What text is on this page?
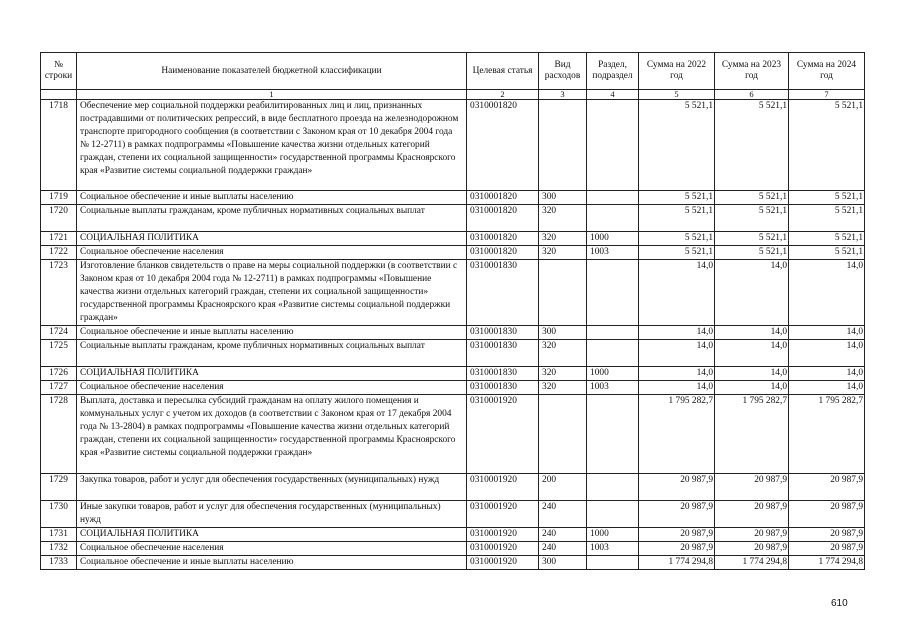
№ строки	Наименование показателей бюджетной классификации	Целевая статья	Вид расходов	Раздел, подраздел	Сумма на 2022 год	Сумма на 2023 год	Сумма на 2024 год
	1	2	3	4	5	6	7
1718	Обеспечение мер социальной поддержки реабилитированных лиц и лиц, признанных пострадавшими от политических репрессий, в виде бесплатного проезда на железнодорожном транспорте пригородного сообщения (в соответствии с Законом края от 10 декабря 2004 года № 12-2711) в рамках подпрограммы «Повышение качества жизни отдельных категорий граждан, степени их социальной защищенности» государственной программы Красноярского края «Развитие системы социальной поддержки граждан»	0310001820			5 521,1	5 521,1	5 521,1
1719	Социальное обеспечение и иные выплаты населению	0310001820	300		5 521,1	5 521,1	5 521,1
1720	Социальные выплаты гражданам, кроме публичных нормативных социальных выплат	0310001820	320		5 521,1	5 521,1	5 521,1
1721	СОЦИАЛЬНАЯ ПОЛИТИКА	0310001820	320	1000	5 521,1	5 521,1	5 521,1
1722	Социальное обеспечение населения	0310001820	320	1003	5 521,1	5 521,1	5 521,1
1723	Изготовление бланков свидетельств о праве на меры социальной поддержки (в соответствии с Законом края от 10 декабря 2004 года № 12-2711) в рамках подпрограммы «Повышение качества жизни отдельных категорий граждан, степени их социальной защищенности» государственной программы Красноярского края «Развитие системы социальной поддержки граждан»	0310001830			14,0	14,0	14,0
1724	Социальное обеспечение и иные выплаты населению	0310001830	300		14,0	14,0	14,0
1725	Социальные выплаты гражданам, кроме публичных нормативных социальных выплат	0310001830	320		14,0	14,0	14,0
1726	СОЦИАЛЬНАЯ ПОЛИТИКА	0310001830	320	1000	14,0	14,0	14,0
1727	Социальное обеспечение населения	0310001830	320	1003	14,0	14,0	14,0
1728	Выплата, доставка и пересылка субсидий гражданам на оплату жилого помещения и коммунальных услуг с учетом их доходов (в соответствии с Законом края от 17 декабря 2004 года № 13-2804) в рамках подпрограммы «Повышение качества жизни отдельных категорий граждан, степени их социальной защищенности» государственной программы Красноярского края «Развитие системы социальной поддержки граждан»	0310001920			1 795 282,7	1 795 282,7	1 795 282,7
1729	Закупка товаров, работ и услуг для обеспечения государственных (муниципальных) нужд	0310001920	200		20 987,9	20 987,9	20 987,9
1730	Иные закупки товаров, работ и услуг для обеспечения государственных (муниципальных) нужд	0310001920	240		20 987,9	20 987,9	20 987,9
1731	СОЦИАЛЬНАЯ ПОЛИТИКА	0310001920	240	1000	20 987,9	20 987,9	20 987,9
1732	Социальное обеспечение населения	0310001920	240	1003	20 987,9	20 987,9	20 987,9
1733	Социальное обеспечение и иные выплаты населению	0310001920	300		1 774 294,8	1 774 294,8	1 774 294,8
610
